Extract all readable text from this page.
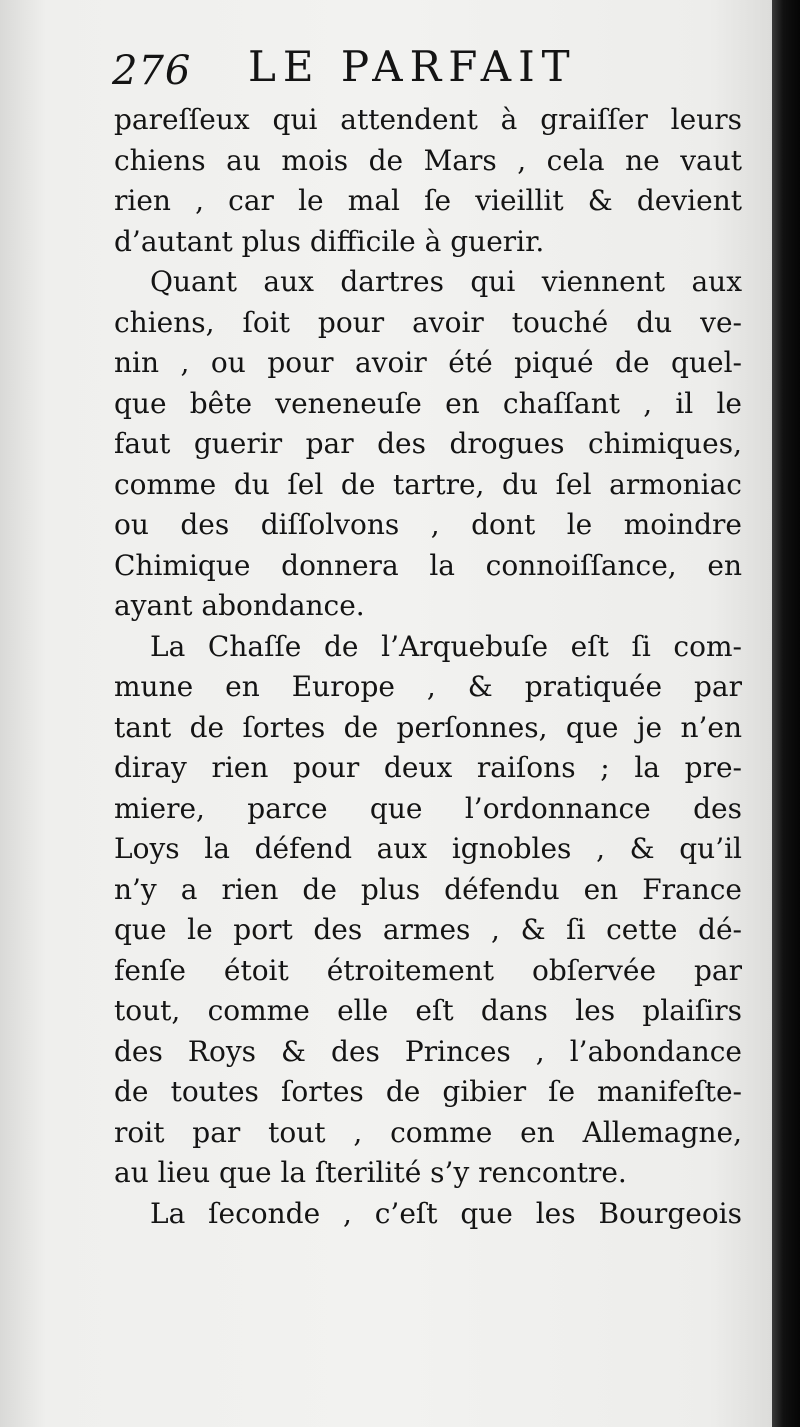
276 LE PARFAIT
pareſſeux qui attendent à graiſſer leurs
chiens au mois de Mars , cela ne vaut
rien , car le mal ſe vieillit & devient
d’autant plus difficile à guerir.
Quant aux dartres qui viennent aux
chiens, ſoit pour avoir touché du ve-
nin , ou pour avoir été piqué de quel-
que bête veneneuſe en chaſſant , il le
faut guerir par des drogues chimiques,
comme du ſel de tartre, du ſel armoniac
ou des diſſolvons , dont le moindre
Chimique donnera la connoiſſance, en
ayant abondance.
La Chaſſe de l’Arquebuſe eſt ſi com-
mune en Europe , & pratiquée par
tant de ſortes de perſonnes, que je n’en
diray rien pour deux raiſons ; la pre-
miere, parce que l’ordonnance des
Loys la défend aux ignobles , & qu’il
n’y a rien de plus défendu en France
que le port des armes , & ſi cette dé-
fenſe étoit étroitement obſervée par
tout, comme elle eſt dans les plaiſirs
des Roys & des Princes , l’abondance
de toutes ſortes de gibier ſe manifeſte-
roit par tout , comme en Allemagne,
au lieu que la ſterilité s’y rencontre.
La ſeconde , c’eſt que les Bourgeois
